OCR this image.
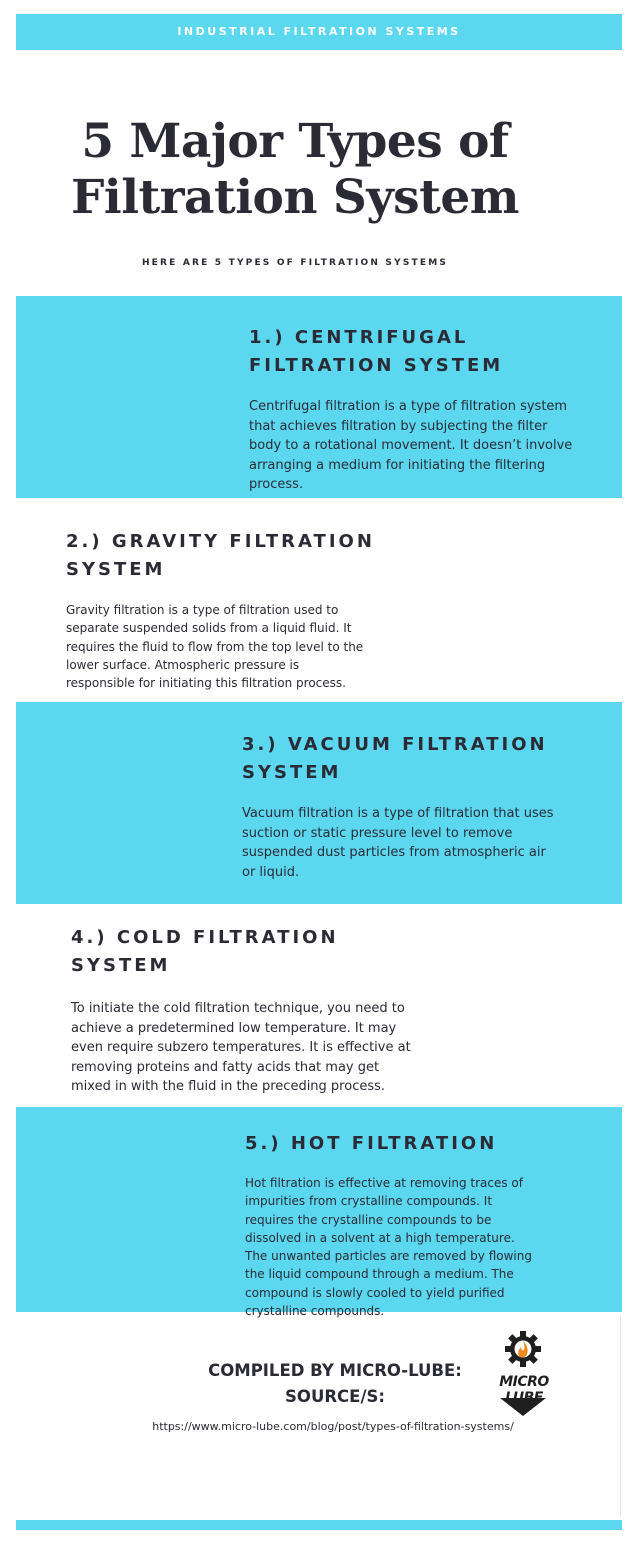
INDUSTRIAL FILTRATION SYSTEMS
5 Major Types of
Filtration System
HERE ARE 5 TYPES OF FILTRATION SYSTEMS
1.) CENTRIFUGAL
FILTRATION SYSTEM
Centrifugal filtration is a type of filtration system that achieves filtration by subjecting the filter body to a rotational movement. It doesn’t involve arranging a medium for initiating the filtering process.
2.) GRAVITY FILTRATION
SYSTEM
Gravity filtration is a type of filtration used to separate suspended solids from a liquid fluid. It requires the fluid to flow from the top level to the lower surface. Atmospheric pressure is responsible for initiating this filtration process.
3.) VACUUM FILTRATION
SYSTEM
Vacuum filtration is a type of filtration that uses suction or static pressure level to remove suspended dust particles from atmospheric air or liquid.
4.) COLD FILTRATION
SYSTEM
To initiate the cold filtration technique, you need to achieve a predetermined low temperature. It may even require subzero temperatures. It is effective at removing proteins and fatty acids that may get mixed in with the fluid in the preceding process.
5.) HOT FILTRATION
Hot filtration is effective at removing traces of impurities from crystalline compounds. It requires the crystalline compounds to be dissolved in a solvent at a high temperature. The unwanted particles are removed by flowing the liquid compound through a medium. The compound is slowly cooled to yield purified crystalline compounds.
COMPILED BY MICRO-LUBE:
SOURCE/S:
https://www.micro-lube.com/blog/post/types-of-filtration-systems/
MICRO LUBE
